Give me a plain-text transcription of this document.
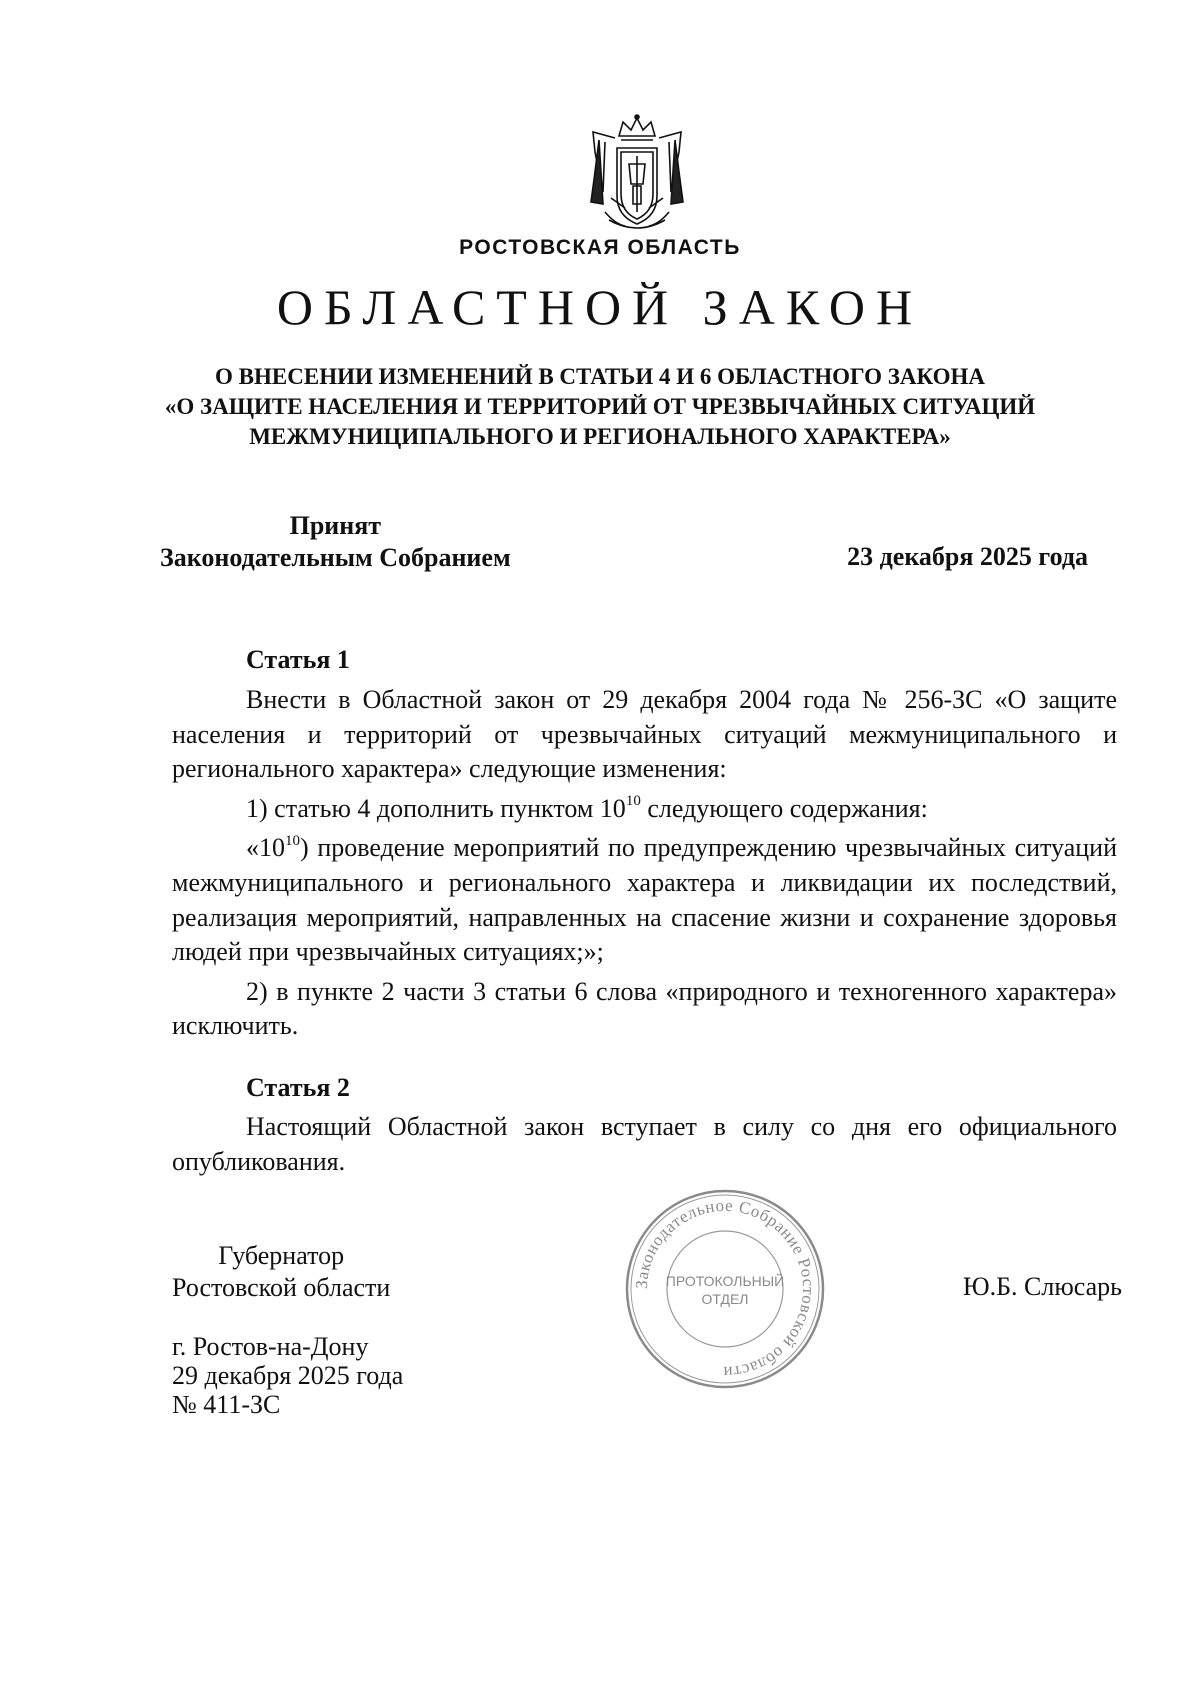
РОСТОВСКАЯ ОБЛАСТЬ
ОБЛАСТНОЙ ЗАКОН
О ВНЕСЕНИИ ИЗМЕНЕНИЙ В СТАТЬИ 4 И 6 ОБЛАСТНОГО ЗАКОНА
«О ЗАЩИТЕ НАСЕЛЕНИЯ И ТЕРРИТОРИЙ ОТ ЧРЕЗВЫЧАЙНЫХ СИТУАЦИЙ
МЕЖМУНИЦИПАЛЬНОГО И РЕГИОНАЛЬНОГО ХАРАКТЕРА»
Принят
Законодательным Собранием	23 декабря 2025 года
Статья 1

Внести в Областной закон от 29 декабря 2004 года № 256-ЗС «О защите населения и территорий от чрезвычайных ситуаций межмуниципального и регионального характера» следующие изменения:

1) статью 4 дополнить пунктом $10^{10}$ следующего содержания:

«$10^{10}$) проведение мероприятий по предупреждению чрезвычайных ситуаций межмуниципального и регионального характера и ликвидации их последствий, реализация мероприятий, направленных на спасение жизни и сохранение здоровья людей при чрезвычайных ситуациях;»;

2) в пункте 2 части 3 статьи 6 слова «природного и техногенного характера» исключить.

Статья 2

Настоящий Областной закон вступает в силу со дня его официального опубликования.

Губернатор
Ростовской области	Ю.Б. Слюсарь
г. Ростов-на-Дону
29 декабря 2025 года
№ 411-ЗС
Законодательное Собрание Ростовской области
ПРОТОКОЛЬНЫЙ
ОТДЕЛ
